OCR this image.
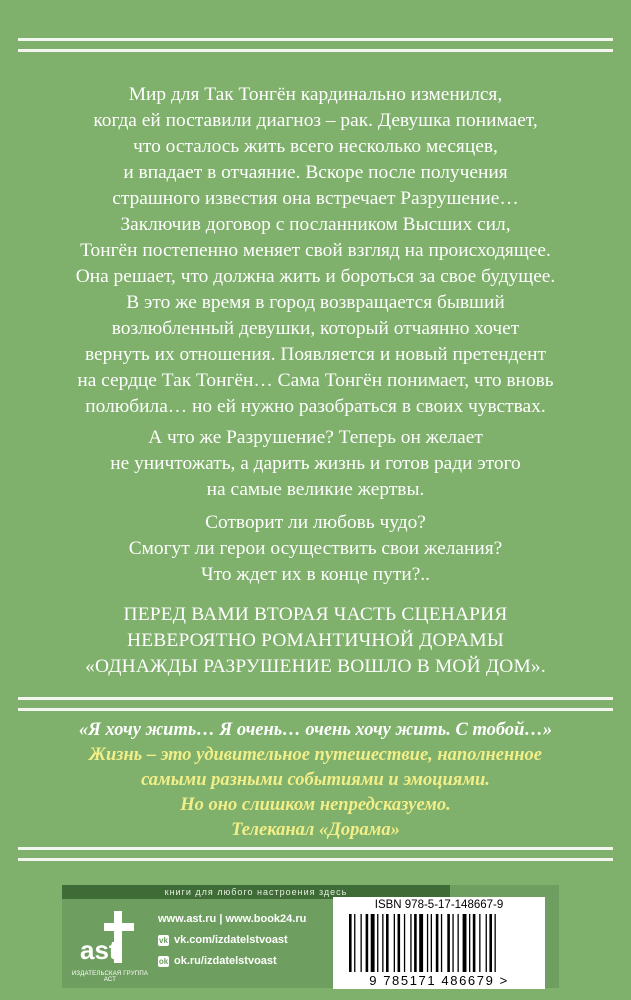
Мир для Так Тонгён кардинально изменился,
когда ей поставили диагноз – рак. Девушка понимает,
что осталось жить всего несколько месяцев,
и впадает в отчаяние. Вскоре после получения
страшного известия она встречает Разрушение…
Заключив договор с посланником Высших сил,
Тонгён постепенно меняет свой взгляд на происходящее.
Она решает, что должна жить и бороться за свое будущее.
В это же время в город возвращается бывший
возлюбленный девушки, который отчаянно хочет
вернуть их отношения. Появляется и новый претендент
на сердце Так Тонгён… Сама Тонгён понимает, что вновь
полюбила… но ей нужно разобраться в своих чувствах.
А что же Разрушение? Теперь он желает
не уничтожать, а дарить жизнь и готов ради этого
на самые великие жертвы.
Сотворит ли любовь чудо?
Смогут ли герои осуществить свои желания?
Что ждет их в конце пути?..
ПЕРЕД ВАМИ ВТОРАЯ ЧАСТЬ СЦЕНАРИЯ
НЕВЕРОЯТНО РОМАНТИЧНОЙ ДОРАМЫ
«ОДНАЖДЫ РАЗРУШЕНИЕ ВОШЛО В МОЙ ДОМ».
«Я хочу жить… Я очень… очень хочу жить. С тобой…»
Жизнь – это удивительное путешествие, наполненное
самыми разными событиями и эмоциями.
Но оно слишком непредсказуемо.
Телеканал «Дорама»
книги для любого настроения здесь
ast
ИЗДАТЕЛЬСКАЯ ГРУППА АСТ
www.ast.ru | www.book24.ru
vk vk.com/izdatelstvoast
ok ok.ru/izdatelstvoast
ISBN 978-5-17-148667-9
9 785171 486679 >
